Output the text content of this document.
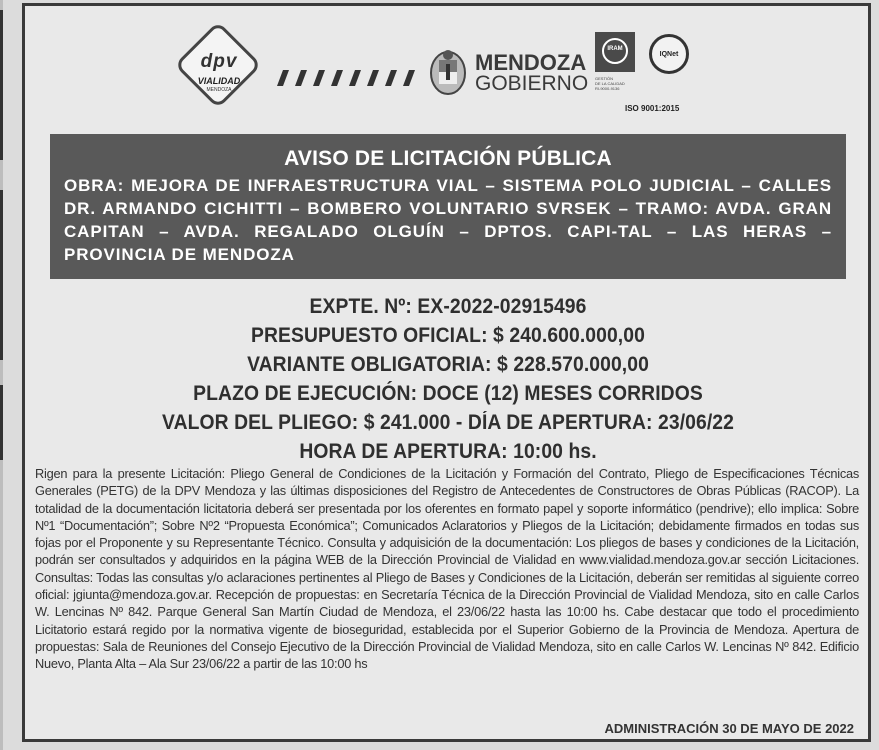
dpv
VIALIDAD
MENDOZA
MENDOZA
GOBIERNO
IRAM
IQNet
GESTIÓN
DE LA CALIDAD
RI-9000-9136
ISO 9001:2015
AVISO DE LICITACIÓN PÚBLICA
OBRA: MEJORA DE INFRAESTRUCTURA VIAL – SISTEMA POLO JUDICIAL – CALLES DR. ARMANDO CICHITTI – BOMBERO VOLUNTARIO SVRSEK – TRAMO: AVDA. GRAN CAPITAN – AVDA. REGALADO OLGUÍN – DPTOS. CAPI-TAL – LAS HERAS – PROVINCIA DE MENDOZA
EXPTE. Nº: EX-2022-02915496
PRESUPUESTO OFICIAL: $ 240.600.000,00
VARIANTE OBLIGATORIA: $ 228.570.000,00
PLAZO DE EJECUCIÓN: DOCE (12) MESES CORRIDOS
VALOR DEL PLIEGO: $ 241.000 - DÍA DE APERTURA: 23/06/22
HORA DE APERTURA: 10:00 hs.
Rigen para la presente Licitación: Pliego General de Condiciones de la Licitación y Formación del Contrato, Pliego de Especificaciones Técnicas Generales (PETG) de la DPV Mendoza y las últimas disposiciones del Registro de Antecedentes de Constructores de Obras Públicas (RACOP). La totalidad de la documentación licitatoria deberá ser presentada por los oferentes en formato papel y soporte informático (pendrive); ello implica: Sobre Nº1 “Documentación”; Sobre Nº2 “Propuesta Económica”; Comunicados Aclaratorios y Pliegos de la Licitación; debidamente firmados en todas sus fojas por el Proponente y su Representante Técnico. Consulta y adquisición de la documentación: Los pliegos de bases y condiciones de la Licitación, podrán ser consultados y adquiridos en la página WEB de la Dirección Provincial de Vialidad en www.vialidad.mendoza.gov.ar sección Licitaciones. Consultas: Todas las consultas y/o aclaraciones pertinentes al Pliego de Bases y Condiciones de la Licitación, deberán ser remitidas al siguiente correo oficial: jgiunta@mendoza.gov.ar. Recepción de propuestas: en Secretaría Técnica de la Dirección Provincial de Vialidad Mendoza, sito en calle Carlos W. Lencinas Nº 842. Parque General San Martín Ciudad de Mendoza, el 23/06/22 hasta las 10:00 hs. Cabe destacar que todo el procedimiento Licitatorio estará regido por la normativa vigente de bioseguridad, establecida por el Superior Gobierno de la Provincia de Mendoza. Apertura de propuestas: Sala de Reuniones del Consejo Ejecutivo de la Dirección Provincial de Vialidad Mendoza, sito en calle Carlos W. Lencinas Nº 842. Edificio Nuevo, Planta Alta – Ala Sur 23/06/22 a partir de las 10:00 hs
ADMINISTRACIÓN 30 DE MAYO DE 2022
